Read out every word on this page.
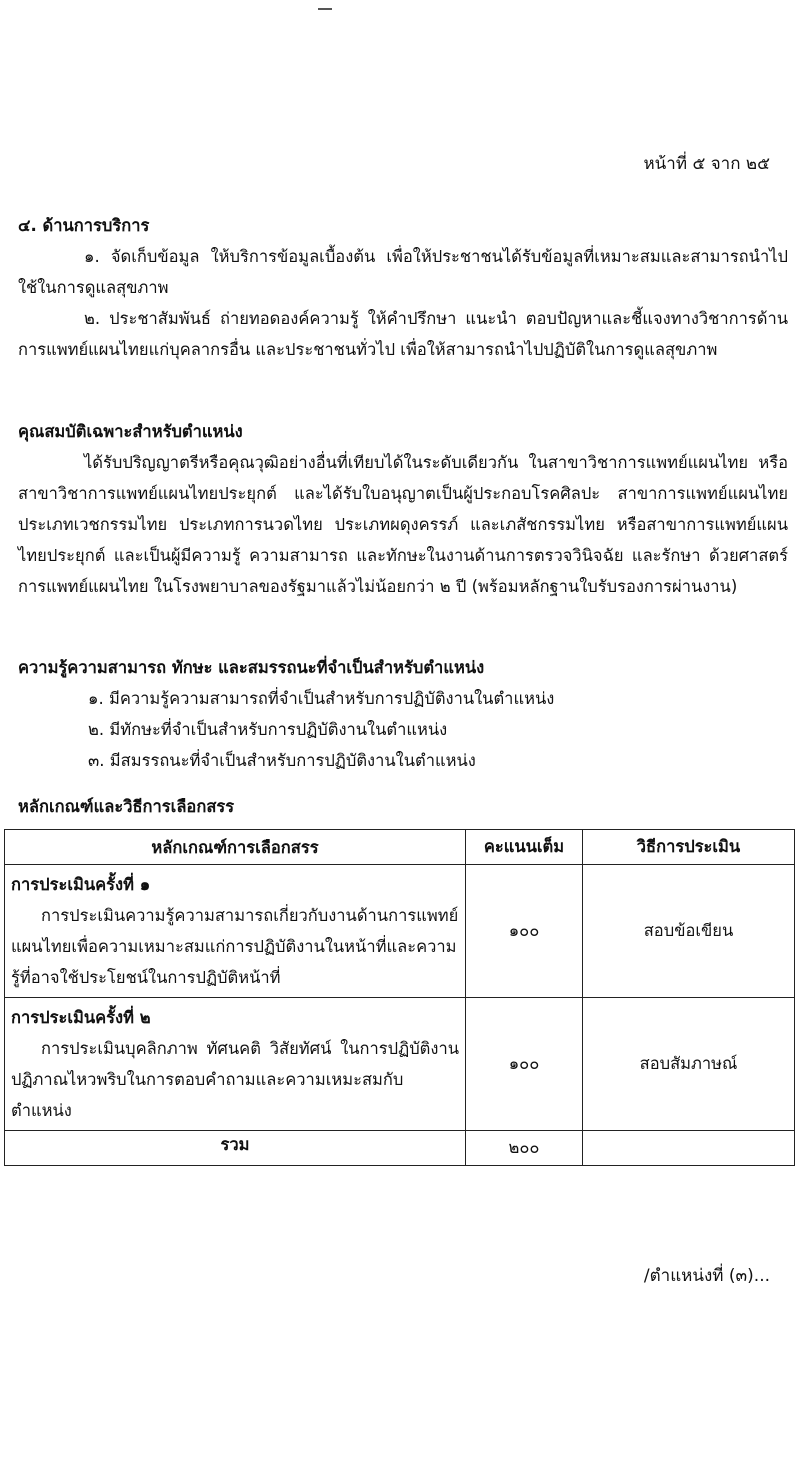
หน้าที่ ๕ จาก ๒๕
๔. ด้านการบริการ
๑. จัดเก็บข้อมูล ให้บริการข้อมูลเบื้องต้น เพื่อให้ประชาชนได้รับข้อมูลที่เหมาะสมและสามารถนำไปใช้ในการดูแลสุขภาพ
๒. ประชาสัมพันธ์ ถ่ายทอดองค์ความรู้ ให้คำปรึกษา แนะนำ ตอบปัญหาและชี้แจงทางวิชาการด้านการแพทย์แผนไทยแก่บุคลากรอื่น และประชาชนทั่วไป เพื่อให้สามารถนำไปปฏิบัติในการดูแลสุขภาพ
คุณสมบัติเฉพาะสำหรับตำแหน่ง
ได้รับปริญญาตรีหรือคุณวุฒิอย่างอื่นที่เทียบได้ในระดับเดียวกัน ในสาขาวิชาการแพทย์แผนไทย หรือสาขาวิชาการแพทย์แผนไทยประยุกต์ และได้รับใบอนุญาตเป็นผู้ประกอบโรคศิลปะ สาขาการแพทย์แผนไทย ประเภทเวชกรรมไทย ประเภทการนวดไทย ประเภทผดุงครรภ์ และเภสัชกรรมไทย หรือสาขาการแพทย์แผนไทยประยุกต์ และเป็นผู้มีความรู้ ความสามารถ และทักษะในงานด้านการตรวจวินิจฉัย และรักษา ด้วยศาสตร์การแพทย์แผนไทย ในโรงพยาบาลของรัฐมาแล้วไม่น้อยกว่า ๒ ปี (พร้อมหลักฐานใบรับรองการผ่านงาน)
ความรู้ความสามารถ ทักษะ และสมรรถนะที่จำเป็นสำหรับตำแหน่ง
๑. มีความรู้ความสามารถที่จำเป็นสำหรับการปฏิบัติงานในตำแหน่ง
๒. มีทักษะที่จำเป็นสำหรับการปฏิบัติงานในตำแหน่ง
๓. มีสมรรถนะที่จำเป็นสำหรับการปฏิบัติงานในตำแหน่ง
หลักเกณฑ์และวิธีการเลือกสรร
หลักเกณฑ์การเลือกสรร	คะแนนเต็ม	วิธีการประเมิน

การประเมินครั้งที่ ๑
การประเมินความรู้ความสามารถเกี่ยวกับงานด้านการแพทย์แผนไทยเพื่อความเหมาะสมแก่การปฏิบัติงานในหน้าที่และความรู้ที่อาจใช้ประโยชน์ในการปฏิบัติหน้าที่	๑๐๐	สอบข้อเขียน

การประเมินครั้งที่ ๒
การประเมินบุคลิกภาพ ทัศนคติ วิสัยทัศน์ ในการปฏิบัติงาน ปฏิภาณไหวพริบในการตอบคำถามและความเหมะสมกับตำแหน่ง	๑๐๐	สอบสัมภาษณ์
รวม	๒๐๐	
/ตำแหน่งที่ (๓)...
